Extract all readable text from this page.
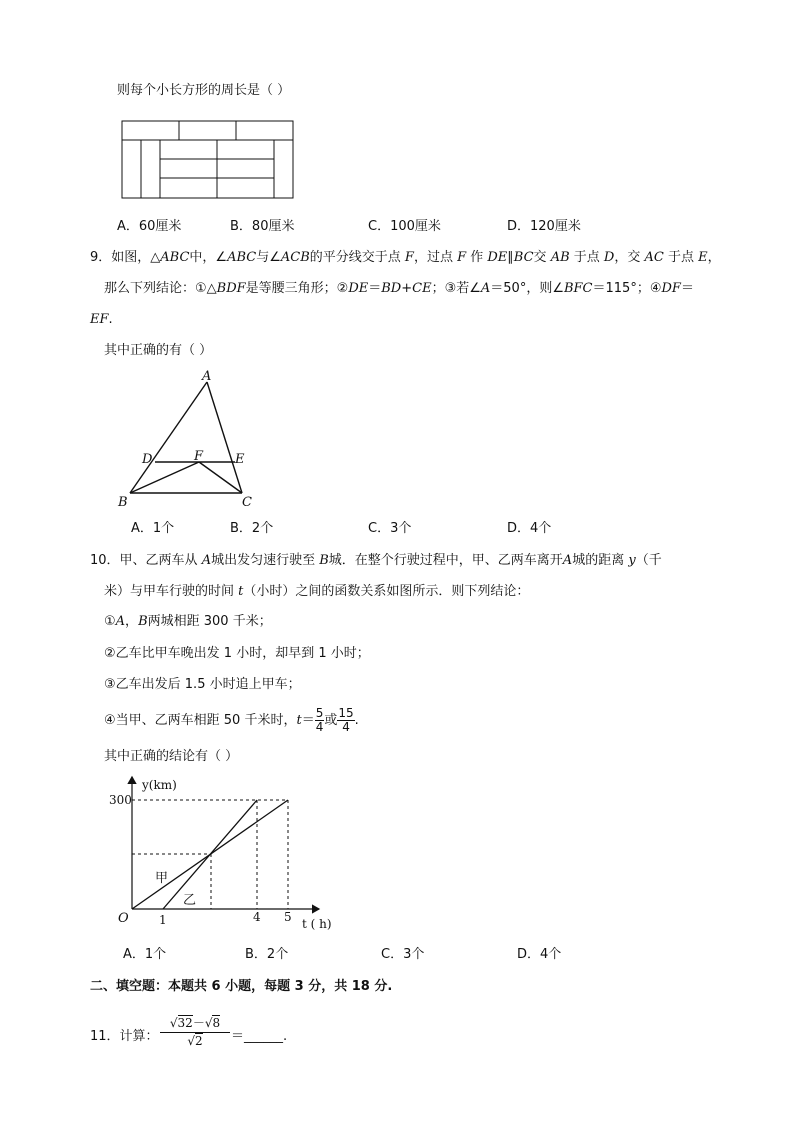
则每个小长方形的周长是（ ）
A．60厘米	B．80厘米	C．100厘米	D．120厘米
9．如图，△ABC中，∠ABC与∠ACB的平分线交于点 F，过点 F 作 DE∥BC交 AB 于点 D，交 AC 于点 E，
那么下列结论：①△BDF是等腰三角形；②DE＝BD+CE；③若∠A＝50°，则∠BFC＝115°；④DF＝
EF.
其中正确的有（ ）
A
B	C
D	E
F
A．1个	B．2个	C．3个	D．4个
10．甲、乙两车从 A城出发匀速行驶至 B城．在整个行驶过程中，甲、乙两车离开A城的距离 y（千
米）与甲车行驶的时间 t（小时）之间的函数关系如图所示．则下列结论：
①A，B两城相距 300 千米；
②乙车比甲车晚出发 1 小时，却早到 1 小时；
③乙车出发后 1.5 小时追上甲车；
④当甲、乙两车相距 50 千米时，$t= \frac{5}{4}$ 或 $\frac{15}{4}$ .
其中正确的结论有（ ）
y(km)
300
t ( h)
O	1	4 5
甲
乙
A．1个	B．2个	C．3个	D．4个
二、填空题：本题共 6 小题，每题 3 分，共 18 分.
11．计算：
√32－√8
√2	＝______.
